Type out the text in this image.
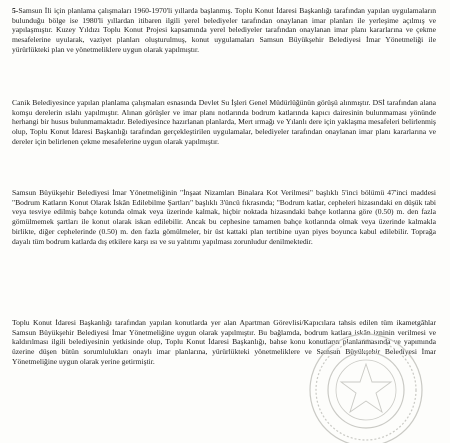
5-Samsun İli için planlama çalışmaları 1960-1970'li yıllarda başlanmış. Toplu Konut İdaresi Başkanlığı tarafından yapılan uygulamaların bulunduğu bölge ise 1980'li yıllardan itibaren ilgili yerel belediyeler tarafından onaylanan imar planları ile yerleşime açılmış ve yapılaşmıştır. Kuzey Yıldızı Toplu Konut Projesi kapsamında yerel belediyeler tarafından onaylanan imar planı kararlarına ve çekme mesafelerine uyularak, vaziyet planları oluşturulmuş, konut uygulamaları Samsun Büyükşehir Belediyesi İmar Yönetmeliği ile yürürlükteki plan ve yönetmeliklere uygun olarak yapılmıştır.

Canik Belediyesince yapılan planlama çalışmaları esnasında Devlet Su İşleri Genel Müdürlüğünün görüşü alınmıştır. DSİ tarafından alana komşu derelerin ıslahı yapılmıştır. Alınan görüşler ve imar planı notlarında bodrum katlarında kapıcı dairesinin bulunmaması yönünde herhangi bir husus bulunmamaktadır. Belediyesince hazırlanan planlarda, Mert ırmağı ve Yılanlı dere için yaklaşma mesafeleri belirlenmiş olup, Toplu Konut İdaresi Başkanlığı tarafından gerçekleştirilen uygulamalar, belediyeler tarafından onaylanan imar planı kararlarına ve dereler için belirlenen çekme mesafelerine uygun olarak yapılmıştır.

Samsun Büyükşehir Belediyesi İmar Yönetmeliğinin "İnşaat Nizamları Binalara Kot Verilmesi" başlıklı 5'inci bölümü 47'inci maddesi "Bodrum Katların Konut Olarak İskân Edilebilme Şartları" başlıklı 3'üncü fıkrasında; "Bodrum katlar, cepheleri hizasındaki en düşük tabi veya tesviye edilmiş bahçe kotunda olmak veya üzerinde kalmak, hiçbir noktada hizasındaki bahçe kotlarına göre (0.50) m. den fazla gömülmemek şartları ile konut olarak iskan edilebilir. Ancak bu cephesine tamamen bahçe kotlarında olmak veya üzerinde kalmakla birlikte, diğer cephelerinde (0.50) m. den fazla gömülmeler, bir üst kattaki plan tertibine uyan piyes boyunca kabul edilebilir. Toprağa dayalı tüm bodrum katlarda dış etkilere karşı ısı ve su yalıtımı yapılması zorunludur denilmektedir.

Toplu Konut İdaresi Başkanlığı tarafından yapılan konutlarda yer alan Apartman Görevlisi/Kapıcılara tahsis edilen tüm ikametgâhlar Samsun Büyükşehir Belediyesi İmar Yönetmeliğine uygun olarak yapılmıştır. Bu bağlamda, bodrum katlara iskân izninin verilmesi ve kaldırılması ilgili belediyesinin yetkisinde olup, Toplu Konut İdaresi Başkanlığı, bahse konu konutların planlanmasında ve yapımında üzerine düşen bütün sorumlulukları onaylı imar planlarına, yürürlükteki yönetmeliklere ve Samsun Büyükşehir Belediyesi İmar Yönetmeliğine uygun olarak yerine getirmiştir.
